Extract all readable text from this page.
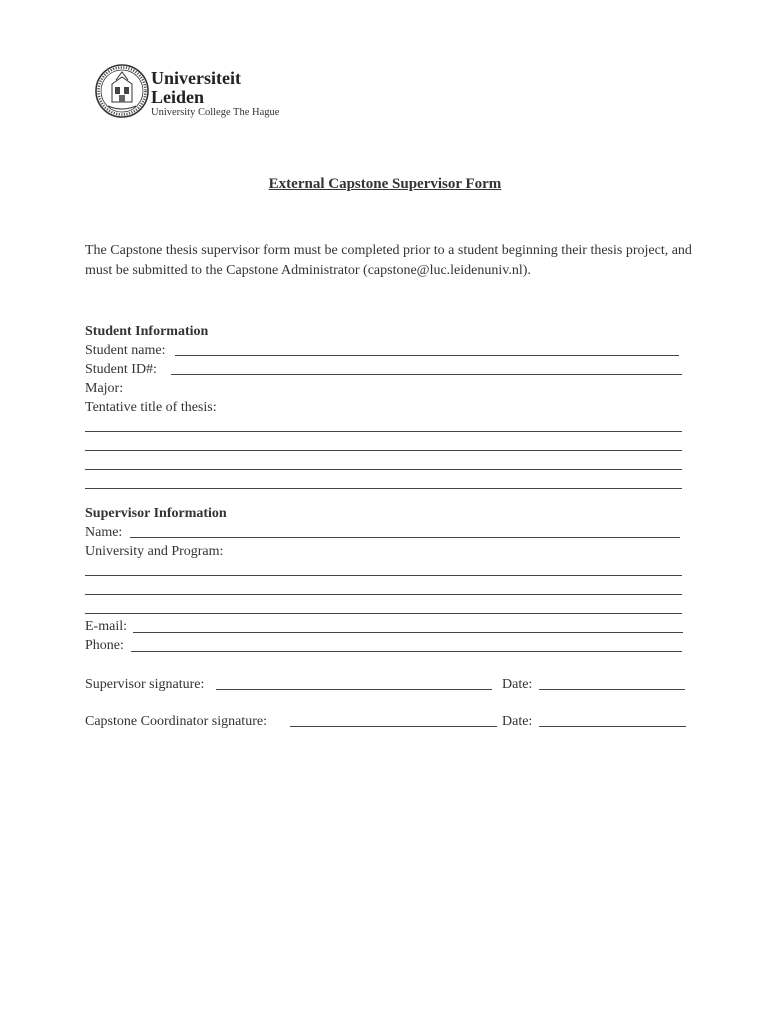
Universiteit
Leiden
University College The Hague
External Capstone Supervisor Form
The Capstone thesis supervisor form must be completed prior to a student beginning their thesis project, and must be submitted to the Capstone Administrator (capstone@luc.leidenuniv.nl).
Student Information
Student name:
Student ID#:
Major:
Tentative title of thesis:
Supervisor Information
Name:
University and Program:
E-mail:
Phone:
Supervisor signature:	Date:
Capstone Coordinator signature:	Date:
